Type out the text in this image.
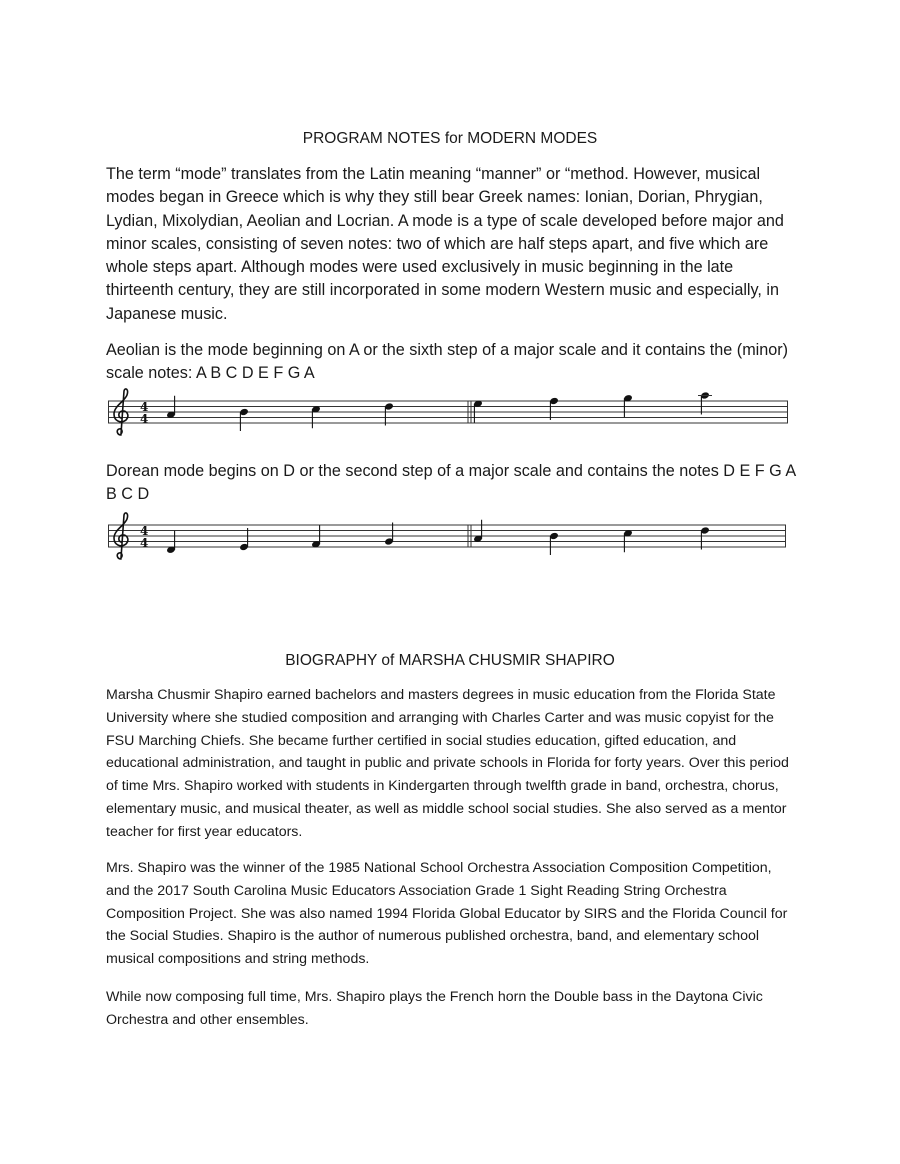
PROGRAM NOTES for MODERN MODES

The term “mode” translates from the Latin meaning “manner” or “method. However, musical modes began in Greece which is why they still bear Greek names: Ionian, Dorian, Phrygian, Lydian, Mixolydian, Aeolian and Locrian. A mode is a type of scale developed before major and minor scales, consisting of seven notes: two of which are half steps apart, and five which are whole steps apart. Although modes were used exclusively in music beginning in the late thirteenth century, they are still incorporated in some modern Western music and especially, in Japanese music.

Aeolian is the mode beginning on A or the sixth step of a major scale and it contains the (minor) scale notes: A B C D E F G A

4
4

Dorean mode begins on D or the second step of a major scale and contains the notes D E F G A B C D

4
4
BIOGRAPHY of MARSHA CHUSMIR SHAPIRO

Marsha Chusmir Shapiro earned bachelors and masters degrees in music education from the Florida State University where she studied composition and arranging with Charles Carter and was music copyist for the FSU Marching Chiefs. She became further certified in social studies education, gifted education, and educational administration, and taught in public and private schools in Florida for forty years. Over this period of time Mrs. Shapiro worked with students in Kindergarten through twelfth grade in band, orchestra, chorus, elementary music, and musical theater, as well as middle school social studies. She also served as a mentor teacher for first year educators.

Mrs. Shapiro was the winner of the 1985 National School Orchestra Association Composition Competition, and the 2017 South Carolina Music Educators Association Grade 1 Sight Reading String Orchestra Composition Project. She was also named 1994 Florida Global Educator by SIRS and the Florida Council for the Social Studies. Shapiro is the author of numerous published orchestra, band, and elementary school musical compositions and string methods.

While now composing full time, Mrs. Shapiro plays the French horn the Double bass in the Daytona Civic Orchestra and other ensembles.
